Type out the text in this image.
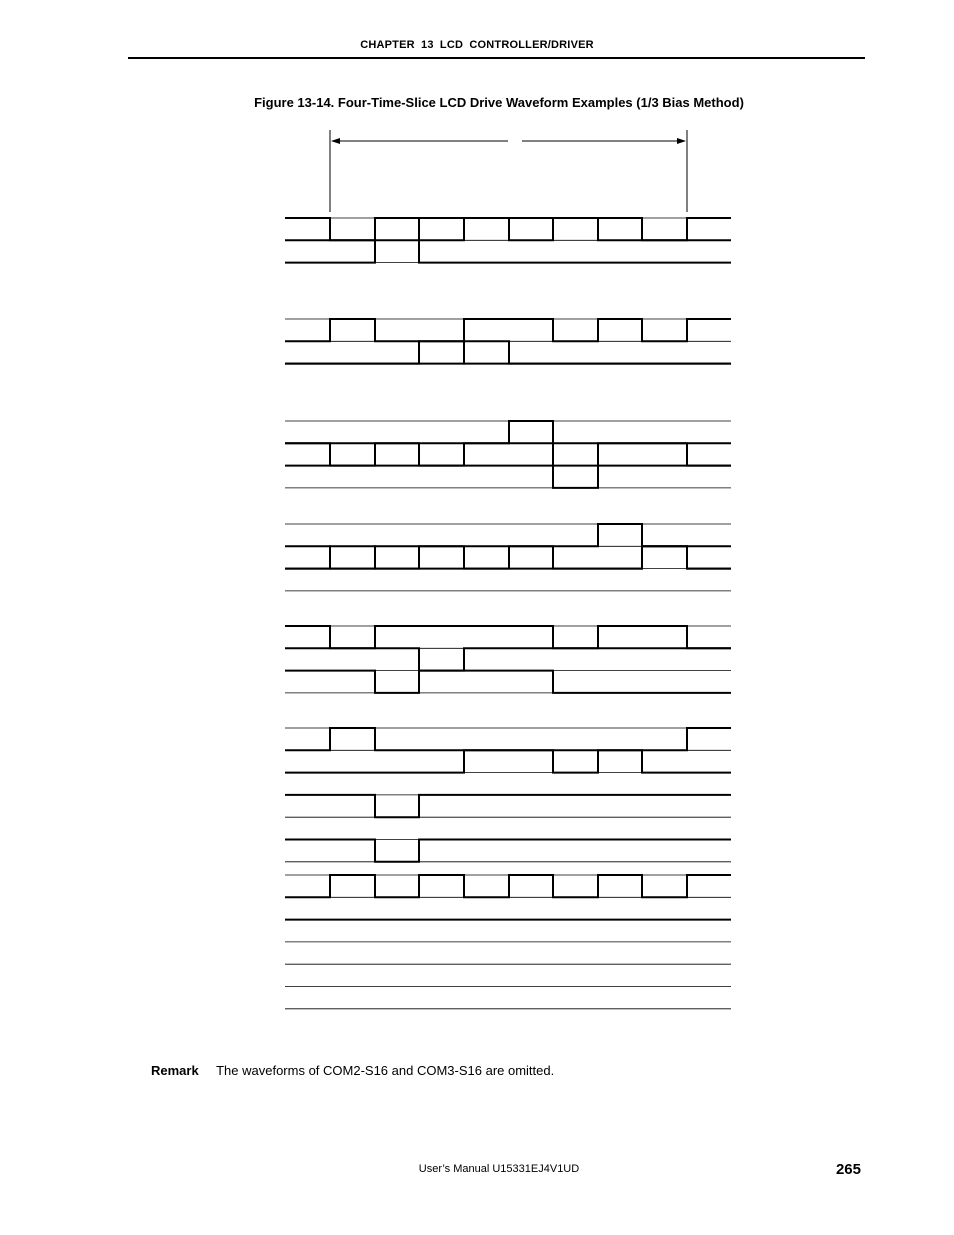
CHAPTER 13 LCD CONTROLLER/DRIVER
Figure 13-14. Four-Time-Slice LCD Drive Waveform Examples (1/3 Bias Method)
Remark The waveforms of COM2-S16 and COM3-S16 are omitted.
User’s Manual U15331EJ4V1UD	265
